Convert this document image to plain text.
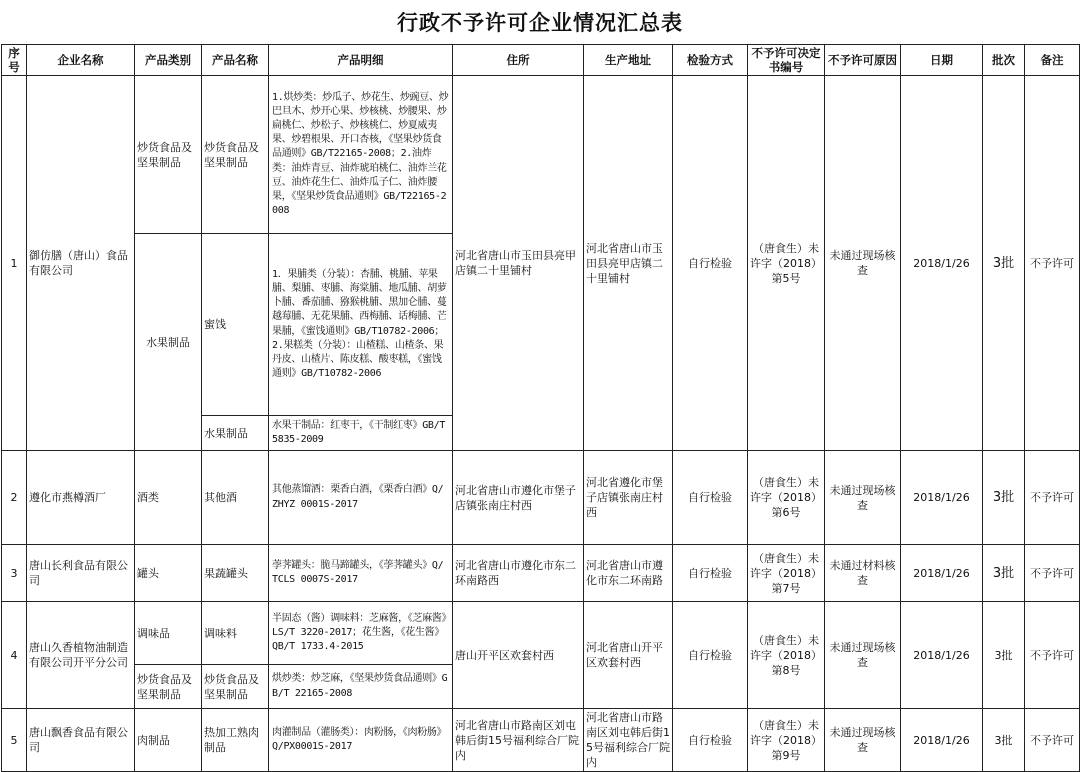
行政不予许可企业情况汇总表
序号	企业名称	产品类别	产品名称	产品明细	住所	生产地址	检验方式	不予许可决定书编号	不予许可原因	日期	批次	备注
1	御仿膳（唐山）食品有限公司	炒货食品及坚果制品	炒货食品及坚果制品	1.烘炒类：炒瓜子、炒花生、炒豌豆、炒巴旦木、炒开心果、炒核桃、炒腰果、炒扁桃仁、炒松子、炒核桃仁、炒夏威夷果、炒碧根果、开口杏核，《坚果炒货食品通则》GB/T22165-2008；2.油炸类：油炸青豆、油炸琥珀桃仁、油炸兰花豆、油炸花生仁、油炸瓜子仁、油炸腰果，《坚果炒货食品通则》GB/T22165-2008	河北省唐山市玉田县亮甲店镇二十里铺村	河北省唐山市玉田县亮甲店镇二十里铺村	自行检验	（唐食生）未许字（2018）第5号	未通过现场核查	2018/1/26	3批	不予许可
		水果制品	蜜饯	1．果脯类（分装）：杏脯、桃脯、苹果脯、梨脯、枣脯、海棠脯、地瓜脯、胡萝卜脯、番茄脯、猕猴桃脯、黑加仑脯、蔓越莓脯、无花果脯、西梅脯、话梅脯、芒果脯，《蜜饯通则》GB/T10782-2006；2.果糕类（分装）：山楂糕、山楂条、果丹皮、山楂片、陈皮糕、酸枣糕，《蜜饯通则》GB/T10782-2006								
			水果制品	水果干制品：红枣干，《干制红枣》GB/T 5835-2009								
2	遵化市燕樽酒厂	酒类	其他酒	其他蒸馏酒：栗香白酒，《栗香白酒》Q/ZHYZ 0001S-2017	河北省唐山市遵化市堡子店镇张南庄村西	河北省遵化市堡子店镇张南庄村西	自行检验	（唐食生）未许字（2018）第6号	未通过现场核查	2018/1/26	3批	不予许可
3	唐山长利食品有限公司	罐头	果蔬罐头	荸荠罐头：脆马蹄罐头，《荸荠罐头》Q/TCLS 0007S-2017	河北省唐山市遵化市东二环南路西	河北省唐山市遵化市东二环南路	自行检验	（唐食生）未许字（2018）第7号	未通过材料核查	2018/1/26	3批	不予许可
4	唐山久香植物油制造有限公司开平分公司	调味品	调味料	半固态（酱）调味料：芝麻酱，《芝麻酱》LS/T 3220-2017；花生酱，《花生酱》QB/T 1733.4-2015	唐山开平区欢套村西	河北省唐山开平区欢套村西	自行检验	（唐食生）未许字（2018）第8号	未通过现场核查	2018/1/26	3批	不予许可
		炒货食品及坚果制品	炒货食品及坚果制品	烘炒类：炒芝麻，《坚果炒货食品通则》GB/T 22165-2008								
5	唐山飘香食品有限公司	肉制品	热加工熟肉制品	肉灌制品（灌肠类）：肉粉肠，《肉粉肠》Q/PX0001S-2017	河北省唐山市路南区刘屯韩后街15号福利综合厂院内	河北省唐山市路南区刘屯韩后街15号福利综合厂院内	自行检验	（唐食生）未许字（2018）第9号	未通过现场核查	2018/1/26	3批	不予许可
